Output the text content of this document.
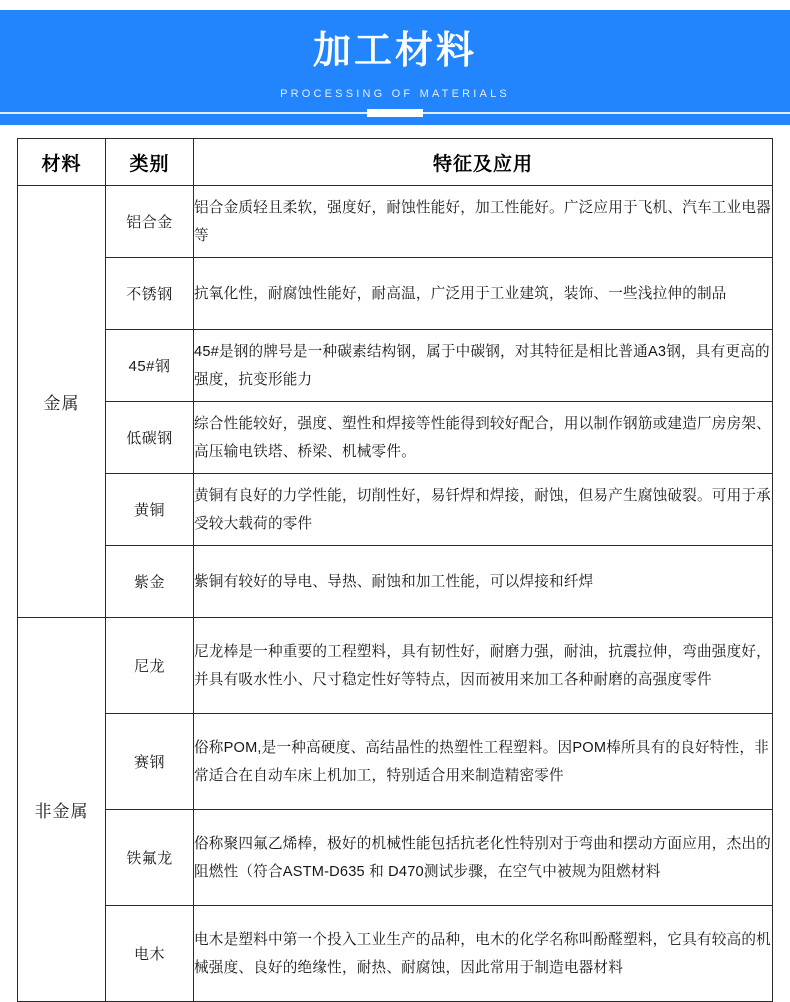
加工材料
PROCESSING OF MATERIALS
材料	类别	特征及应用
金属	铝合金	铝合金质轻且柔软，强度好，耐蚀性能好，加工性能好。广泛应用于飞机、汽车工业电器等
	不锈钢	抗氧化性，耐腐蚀性能好，耐高温，广泛用于工业建筑，装饰、一些浅拉伸的制品
	45#钢	45#是钢的牌号是一种碳素结构钢，属于中碳钢，对其特征是相比普通A3钢，具有更高的强度，抗变形能力
	低碳钢	综合性能较好，强度、塑性和焊接等性能得到较好配合，用以制作钢筋或建造厂房房架、高压输电铁塔、桥梁、机械零件。
	黄铜	黄铜有良好的力学性能，切削性好，易钎焊和焊接，耐蚀，但易产生腐蚀破裂。可用于承受较大载荷的零件
	紫金	紫铜有较好的导电、导热、耐蚀和加工性能，可以焊接和纤焊
非金属	尼龙	尼龙棒是一种重要的工程塑料，具有韧性好，耐磨力强，耐油，抗震拉伸，弯曲强度好，并具有吸水性小、尺寸稳定性好等特点，因而被用来加工各种耐磨的高强度零件
	赛钢	俗称POM,是一种高硬度、高结晶性的热塑性工程塑料。因POM棒所具有的良好特性，非常适合在自动车床上机加工，特别适合用来制造精密零件
	铁氟龙	俗称聚四氟乙烯棒，极好的机械性能包括抗老化性特别对于弯曲和摆动方面应用，杰出的阻燃性（符合ASTM-D635 和 D470测试步骤，在空气中被规为阻燃材料
	电木	电木是塑料中第一个投入工业生产的品种，电木的化学名称叫酚醛塑料，它具有较高的机械强度、良好的绝缘性，耐热、耐腐蚀，因此常用于制造电器材料
